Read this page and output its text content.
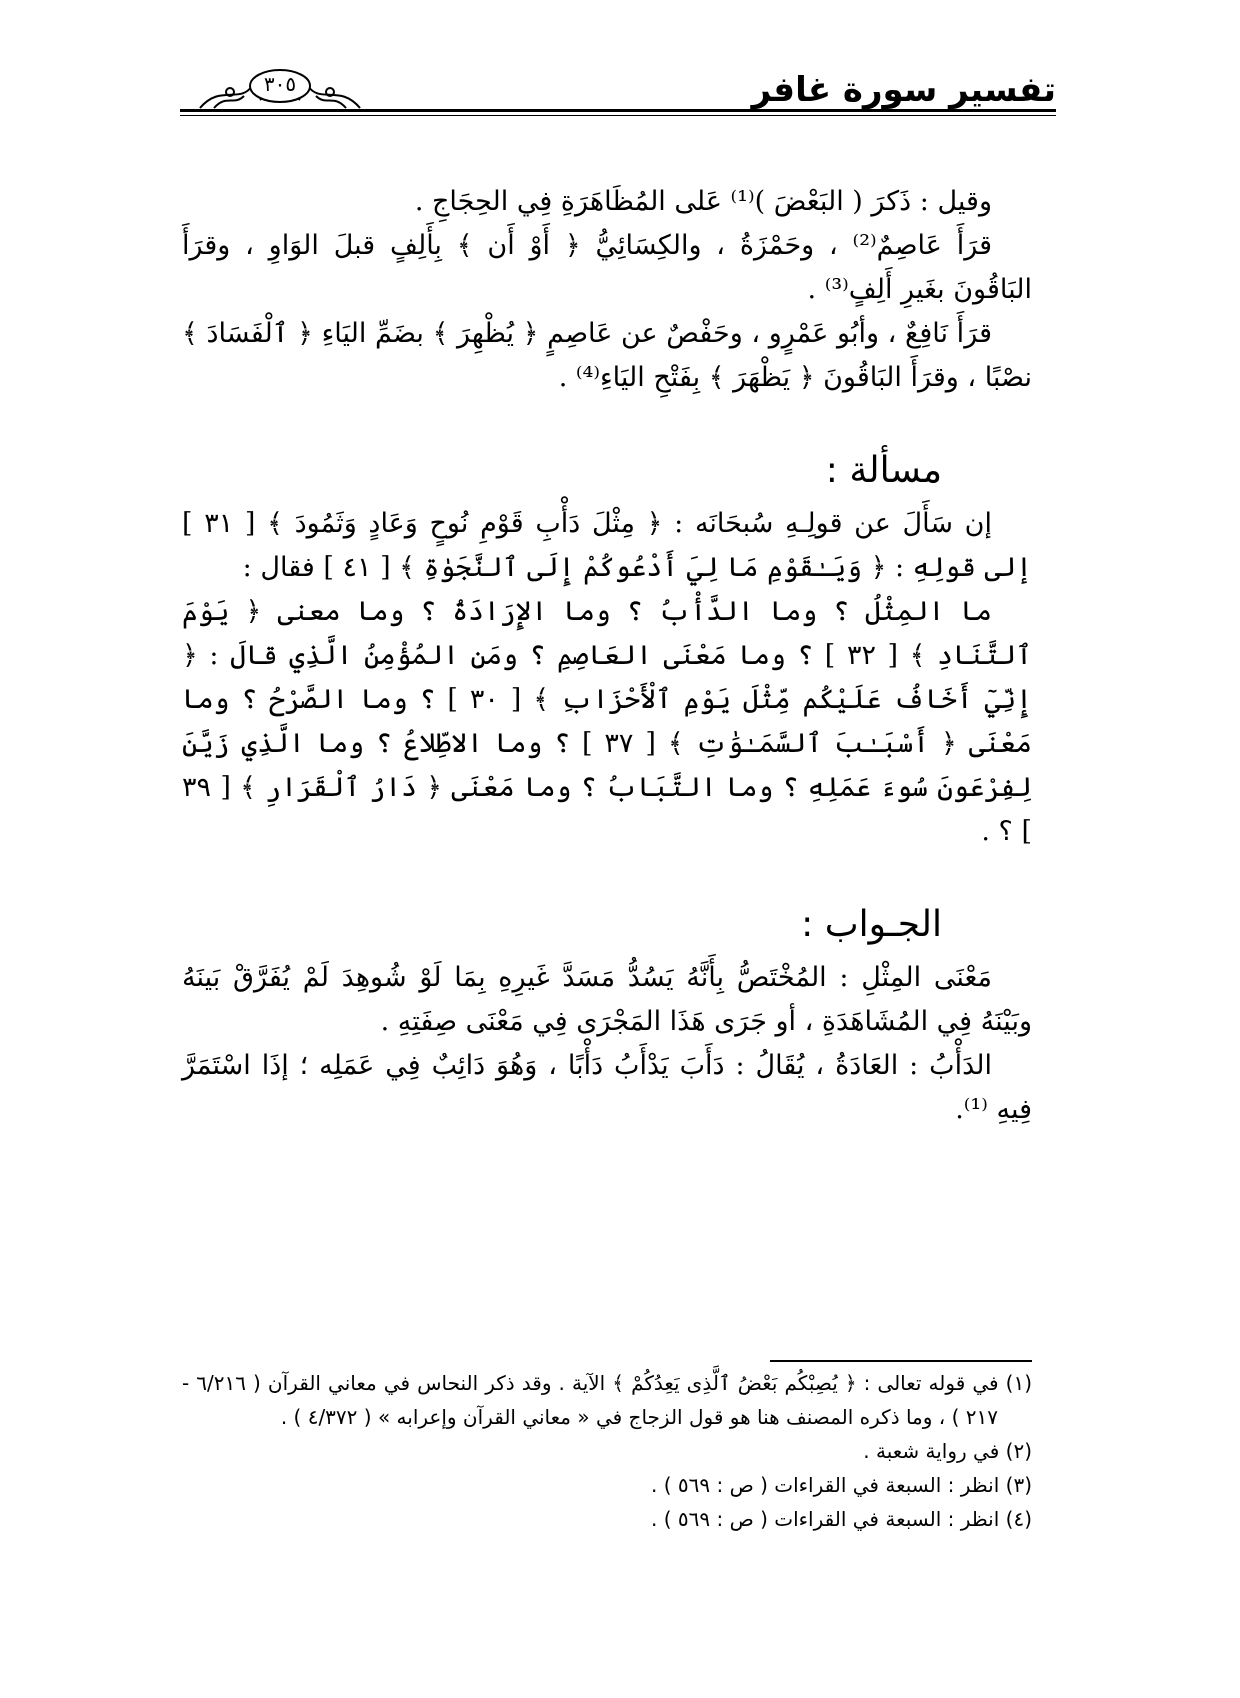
تفسير سورة غافر
٣٠٥

وقيل : ذَكرَ ( البَعْضَ )⁽¹⁾ عَلى المُظَاهَرَةِ فِي الحِجَاجِ .

قرَأَ عَاصِمٌ⁽²⁾ ، وحَمْزَةُ ، والكِسَائِيُّ ﴿ أَوْ أَن ﴾ بِأَلِفٍ قبلَ الوَاوِ ، وقرَأَ البَاقُونَ بغَيرِ أَلِفٍ⁽³⁾ .

قرَأَ نَافِعٌ ، وأبُو عَمْرٍو ، وحَفْصٌ عن عَاصِمٍ ﴿ يُظْهِرَ ﴾ بضَمِّ اليَاءِ ﴿ ٱلْفَسَادَ ﴾ نصْبًا ، وقرَأَ البَاقُونَ ﴿ يَظْهَرَ ﴾ بِفَتْحِ اليَاءِ⁽⁴⁾ .

مسألة :

إن سَأَلَ عن قولِـهِ سُبحَانَه : ﴿ مِثْلَ دَأْبِ قَوْمِ نُوحٍ وَعَادٍ وَثَمُودَ ﴾ [ ٣١ ] إلى قولِهِ : ﴿ وَيَـٰقَوْمِ مَا لِيَ أَدْعُوكُمْ إِلَى ٱلنَّجَوٰةِ ﴾ [ ٤١ ] فقال :

ما المِثْلُ ؟ وما الدَّأْبُ ؟ وما الإِرَادَةُ ؟ وما معنى ﴿ يَوْمَ ٱلتَّنَادِ ﴾ [ ٣٢ ] ؟ وما مَعْنَى العَاصِمِ ؟ ومَنِ المُؤْمِنُ الَّذِي قالَ : ﴿ إِنِّيٓ أَخَافُ عَلَيْكُم مِّثْلَ يَوْمِ ٱلْأَحْزَابِ ﴾ [ ٣٠ ] ؟ وما الصَّرْحُ ؟ وما مَعْنَى ﴿ أَسْبَـٰبَ ٱلسَّمَـٰوَٰتِ ﴾ [ ٣٧ ] ؟ وما الاطِّلاعُ ؟ وما الَّذِي زَيَّنَ لِفِرْعَونَ سُوءَ عَمَلِهِ ؟ وما التَّبَابُ ؟ وما مَعْنَى ﴿ دَارُ ٱلْقَرَارِ ﴾ [ ٣٩ ] ؟ .

الجـواب :

مَعْنَى المِثْلِ : المُخْتَصُّ بِأَنَّهُ يَسُدُّ مَسَدَّ غَيرِهِ بِمَا لَوْ شُوهِدَ لَمْ يُفَرَّقْ بَينَهُ وبَيْنَهُ فِي المُشَاهَدَةِ ، أو جَرَى هَذَا المَجْرَى فِي مَعْنَى صِفَتِهِ .

الدَأْبُ : العَادَةُ ، يُقَالُ : دَأَبَ يَدْأَبُ دَأْبًا ، وَهُوَ دَائِبٌ فِي عَمَلِه ؛ إذَا اسْتَمَرَّ فِيهِ ⁽¹⁾.

(١) في قوله تعالى : ﴿ يُصِبْكُم بَعْضُ ٱلَّذِى يَعِدُكُمْ ﴾ الآية . وقد ذكر النحاس في معاني القرآن ( ٦/٢١٦ - ٢١٧ ) ، وما ذكره المصنف هنا هو قول الزجاج في « معاني القرآن وإعرابه » ( ٤/٣٧٢ ) .

(٢) في رواية شعبة .

(٣) انظر : السبعة في القراءات ( ص : ٥٦٩ ) .

(٤) انظر : السبعة في القراءات ( ص : ٥٦٩ ) .
